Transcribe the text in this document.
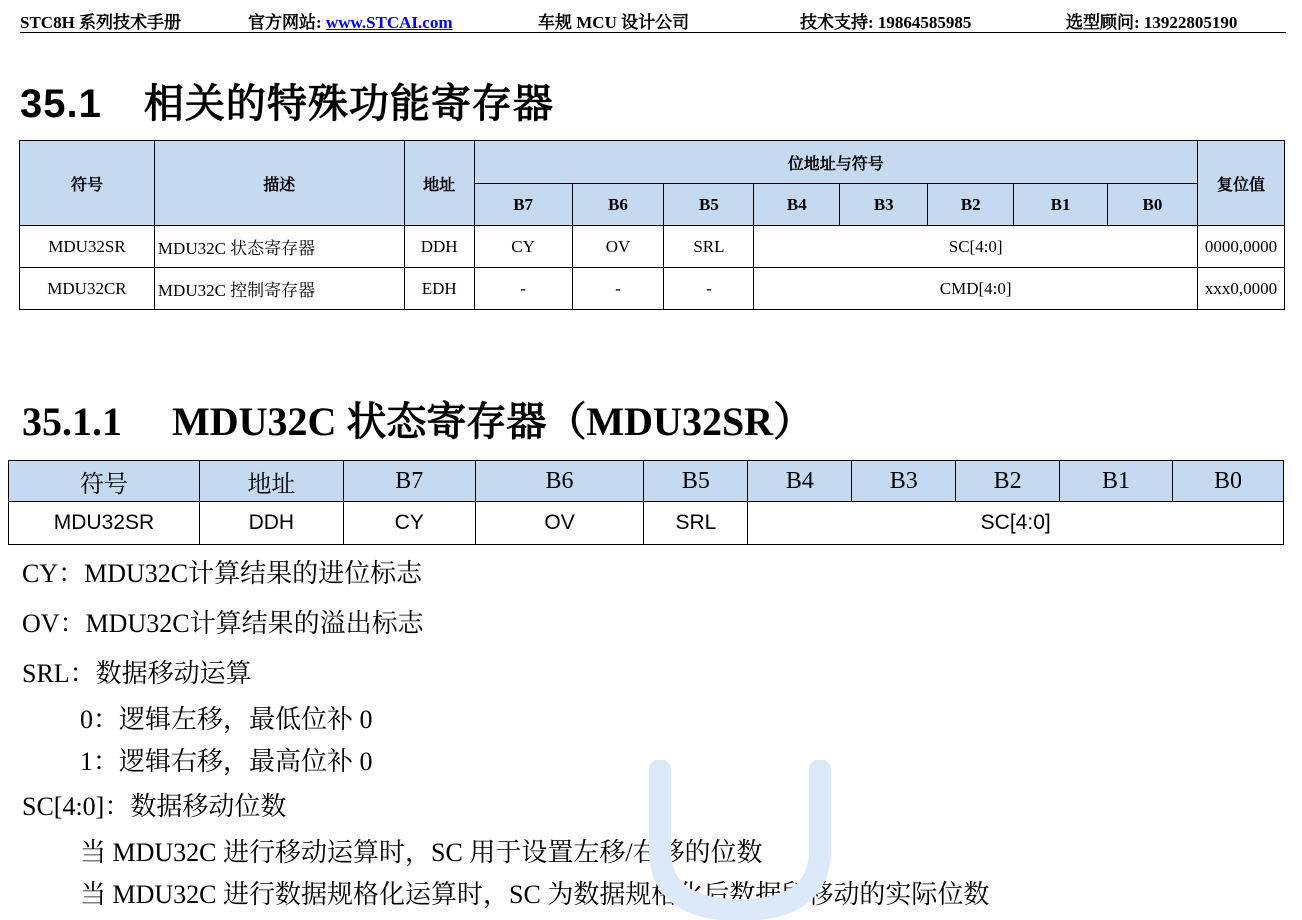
STC8H 系列技术手册	官方网站: www.STCAI.com	车规 MCU 设计公司	技术支持: 19864585985	选型顾问: 13922805190
35.1 相关的特殊功能寄存器
符号	描述	地址	位地址与符号								复位值
			B7	B6	B5	B4	B3	B2	B1	B0	
MDU32SR	MDU32C 状态寄存器	DDH	CY	OV	SRL	SC[4:0]					0000,0000
MDU32CR	MDU32C 控制寄存器	EDH	-	-	-	CMD[4:0]					xxx0,0000
35.1.1 MDU32C 状态寄存器（MDU32SR）
符号	地址	B7	B6	B5	B4	B3	B2	B1	B0
MDU32SR	DDH	CY	OV	SRL	SC[4:0]				
CY：MDU32C计算结果的进位标志
OV：MDU32C计算结果的溢出标志
SRL：数据移动运算
0：逻辑左移，最低位补 0
1：逻辑右移，最高位补 0
SC[4:0]：数据移动位数
当 MDU32C 进行移动运算时，SC 用于设置左移/右移的位数
当 MDU32C 进行数据规格化运算时，SC 为数据规格化后数据所移动的实际位数
